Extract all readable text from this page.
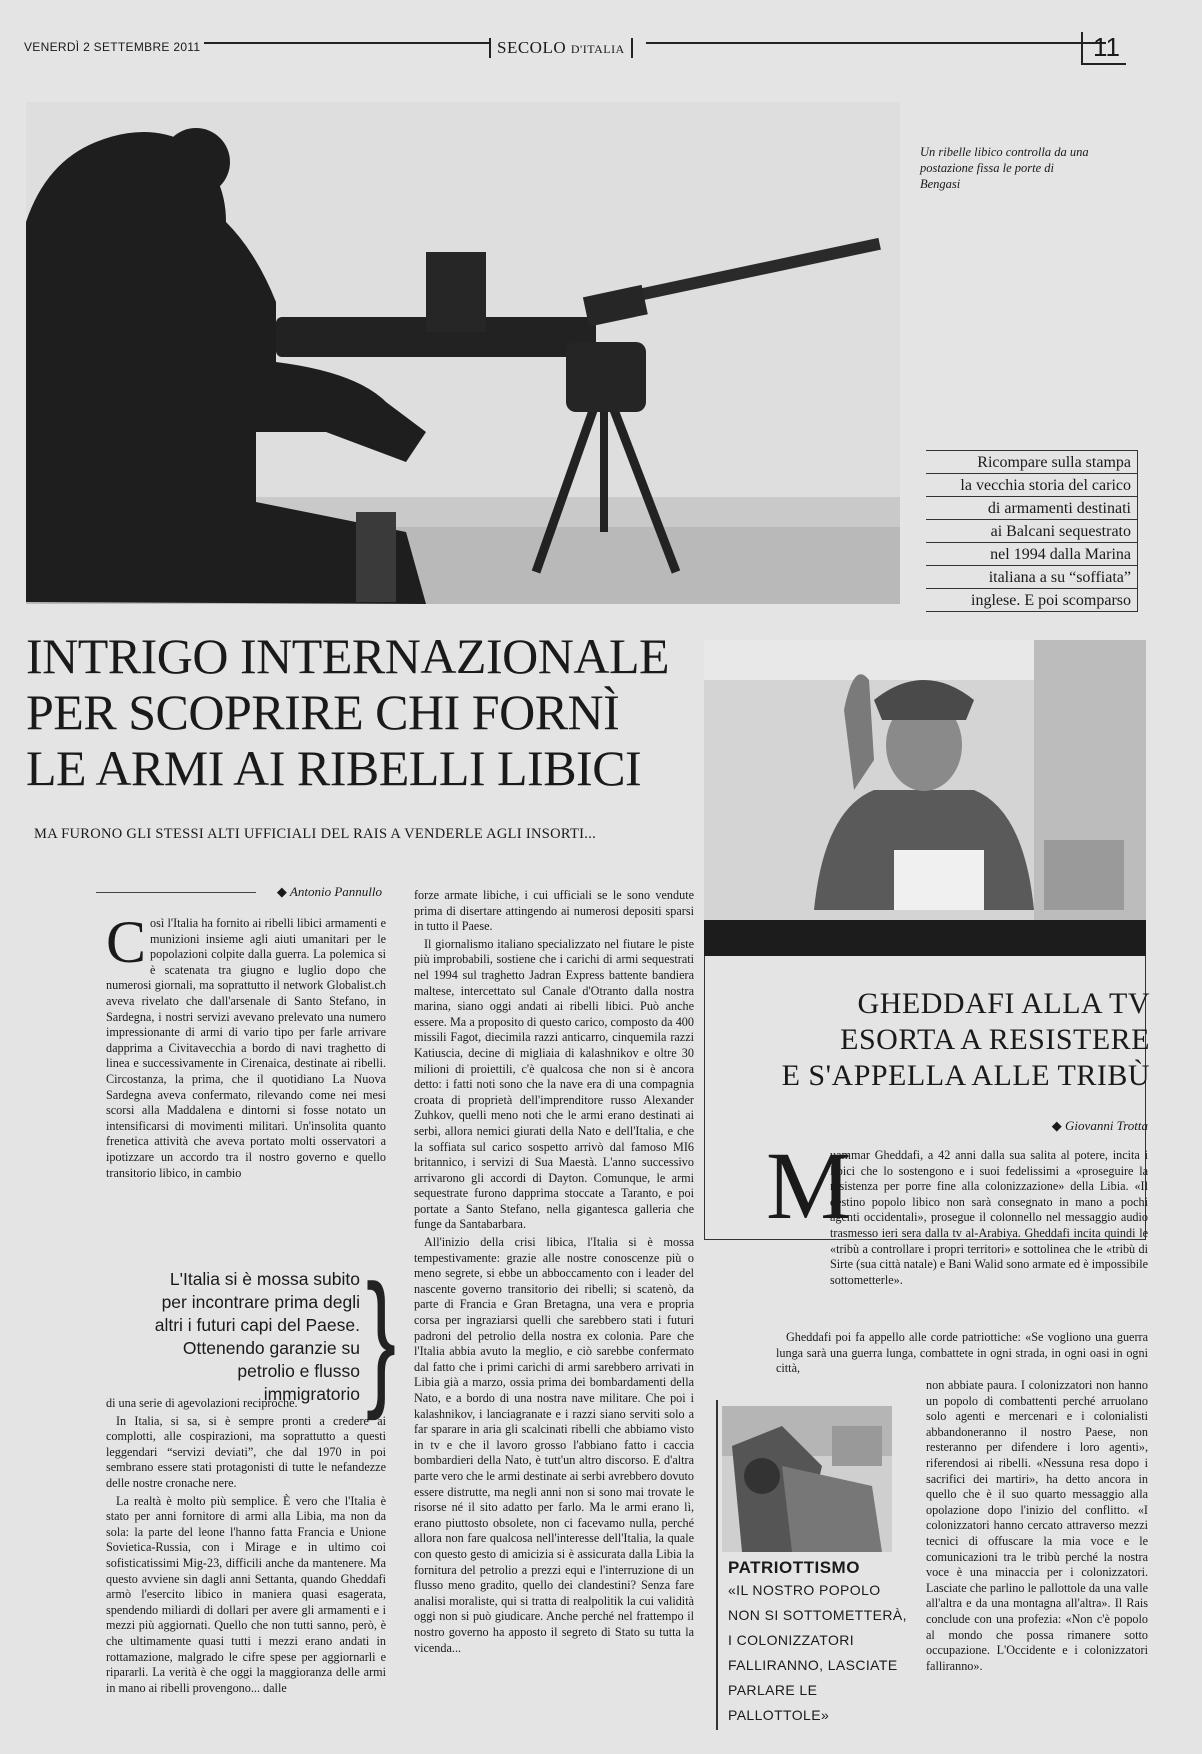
VENERDÌ 2 SETTEMBRE 2011	SECOLO D'ITALIA	11
Un ribelle libico controlla da una postazione fissa le porte di Bengasi
Ricompare sulla stampa
la vecchia storia del carico
di armamenti destinati
ai Balcani sequestrato
nel 1994 dalla Marina
italiana a su “soffiata”
inglese. E poi scomparso
INTRIGO INTERNAZIONALE
PER SCOPRIRE CHI FORNÌ
LE ARMI AI RIBELLI LIBICI
MA FURONO GLI STESSI ALTI UFFICIALI DEL RAIS A VENDERLE AGLI INSORTI...
GHEDDAFI ALLA TV
ESORTA A RESISTERE
E S'APPELLA ALLE TRIBÙ
◆ Giovanni Trotta
◆ Antonio Pannullo
Così l'Italia ha fornito ai ribelli libici armamenti e munizioni insieme agli aiuti umanitari per le popolazioni colpite dalla guerra. La polemica si è scatenata tra giugno e luglio dopo che numerosi giornali, ma soprattutto il network Globalist.ch aveva rivelato che dall'arsenale di Santo Stefano, in Sardegna, i nostri servizi avevano prelevato una numero impressionante di armi di vario tipo per farle arrivare dapprima a Civitavecchia a bordo di navi traghetto di linea e successivamente in Cirenaica, destinate ai ribelli. Circostanza, la prima, che il quotidiano La Nuova Sardegna aveva confermato, rilevando come nei mesi scorsi alla Maddalena e dintorni si fosse notato un intensificarsi di movimenti militari. Un'insolita quanto frenetica attività che aveva portato molti osservatori a ipotizzare un accordo tra il nostro governo e quello transitorio libico, in cambio
L'Italia si è mossa subito per incontrare prima degli altri i futuri capi del Paese. Ottenendo garanzie su petrolio e flusso immigratorio }

di una serie di agevolazioni reciproche.

In Italia, si sa, si è sempre pronti a credere ai complotti, alle cospirazioni, ma soprattutto a questi leggendari “servizi deviati”, che dal 1970 in poi sembrano essere stati protagonisti di tutte le nefandezze delle nostre cronache nere.

La realtà è molto più semplice. È vero che l'Italia è stato per anni fornitore di armi alla Libia, ma non da sola: la parte del leone l'hanno fatta Francia e Unione Sovietica-Russia, con i Mirage e in ultimo coi sofisticatissimi Mig-23, difficili anche da mantenere. Ma questo avviene sin dagli anni Settanta, quando Gheddafi armò l'esercito libico in maniera quasi esagerata, spendendo miliardi di dollari per avere gli armamenti e i mezzi più aggiornati. Quello che non tutti sanno, però, è che ultimamente quasi tutti i mezzi erano andati in rottamazione, malgrado le cifre spese per aggiornarli e ripararli. La verità è che oggi la maggioranza delle armi in mano ai ribelli provengono... dalle

forze armate libiche, i cui ufficiali se le sono vendute prima di disertare attingendo ai numerosi depositi sparsi in tutto il Paese.

Il giornalismo italiano specializzato nel fiutare le piste più improbabili, sostiene che i carichi di armi sequestrati nel 1994 sul traghetto Jadran Express battente bandiera maltese, intercettato sul Canale d'Otranto dalla nostra marina, siano oggi andati ai ribelli libici. Può anche essere. Ma a proposito di questo carico, composto da 400 missili Fagot, diecimila razzi anticarro, cinquemila razzi Katiuscia, decine di migliaia di kalashnikov e oltre 30 milioni di proiettili, c'è qualcosa che non si è ancora detto: i fatti noti sono che la nave era di una compagnia croata di proprietà dell'imprenditore russo Alexander Zuhkov, quelli meno noti che le armi erano destinati ai serbi, allora nemici giurati della Nato e dell'Italia, e che la soffiata sul carico sospetto arrivò dal famoso MI6 britannico, i servizi di Sua Maestà. L'anno successivo arrivarono gli accordi di Dayton. Comunque, le armi sequestrate furono dapprima stoccate a Taranto, e poi portate a Santo Stefano, nella gigantesca galleria che funge da Santabarbara.

All'inizio della crisi libica, l'Italia si è mossa tempestivamente: grazie alle nostre conoscenze più o meno segrete, si ebbe un abboccamento con i leader del nascente governo transitorio dei ribelli; si scatenò, da parte di Francia e Gran Bretagna, una vera e propria corsa per ingraziarsi quelli che sarebbero stati i futuri padroni del petrolio della nostra ex colonia. Pare che l'Italia abbia avuto la meglio, e ciò sarebbe confermato dal fatto che i primi carichi di armi sarebbero arrivati in Libia già a marzo, ossia prima dei bombardamenti della Nato, e a bordo di una nostra nave militare. Che poi i kalashnikov, i lanciagranate e i razzi siano serviti solo a far sparare in aria gli scalcinati ribelli che abbiamo visto in tv e che il lavoro grosso l'abbiano fatto i caccia bombardieri della Nato, è tutt'un altro discorso. E d'altra parte vero che le armi destinate ai serbi avrebbero dovuto essere distrutte, ma negli anni non si sono mai trovate le risorse né il sito adatto per farlo. Ma le armi erano lì, erano piuttosto obsolete, non ci facevamo nulla, perché allora non fare qualcosa nell'interesse dell'Italia, la quale con questo gesto di amicizia si è assicurata dalla Libia la fornitura del petrolio a prezzi equi e l'interruzione di un flusso meno gradito, quello dei clandestini? Senza fare analisi moraliste, qui si tratta di realpolitik la cui validità oggi non si può giudicare. Anche perché nel frattempo il nostro governo ha apposto il segreto di Stato su tutta la vicenda...

M
uammar Gheddafi, a 42 anni dalla sua salita al potere, incita i libici che lo sostengono e i suoi fedelissimi a «proseguire la resistenza per porre fine alla colonizzazione» della Libia. «Il destino popolo libico non sarà consegnato in mano a pochi agenti occidentali», prosegue il colonnello nel messaggio audio trasmesso ieri sera dalla tv al-Arabiya. Gheddafi incita quindi le «tribù a controllare i propri territori» e sottolinea che le «tribù di Sirte (sua città natale) e Bani Walid sono armate ed è impossibile sottometterle».

Gheddafi poi fa appello alle corde patriottiche: «Se vogliono una guerra lunga sarà una guerra lunga, combattete in ogni strada, in ogni oasi in ogni città,

non abbiate paura. I colonizzatori non hanno un popolo di combattenti perché arruolano solo agenti e mercenari e i colonialisti abbandoneranno il nostro Paese, non resteranno per difendere i loro agenti», riferendosi ai ribelli. «Nessuna resa dopo i sacrifici dei martiri», ha detto ancora in quello che è il suo quarto messaggio alla opolazione dopo l'inizio del conflitto. «I colonizzatori hanno cercato attraverso mezzi tecnici di offuscare la mia voce e le comunicazioni tra le tribù perché la nostra voce è una minaccia per i colonizzatori. Lasciate che parlino le pallottole da una valle all'altra e da una montagna all'altra». Il Rais conclude con una profezia: «Non c'è popolo al mondo che possa rimanere sotto occupazione. L'Occidente e i colonizzatori falliranno».
PATRIOTTISMO
«IL NOSTRO POPOLO
NON SI SOTTOMETTERÀ,
I COLONIZZATORI
FALLIRANNO, LASCIATE
PARLARE LE PALLOTTOLE»
